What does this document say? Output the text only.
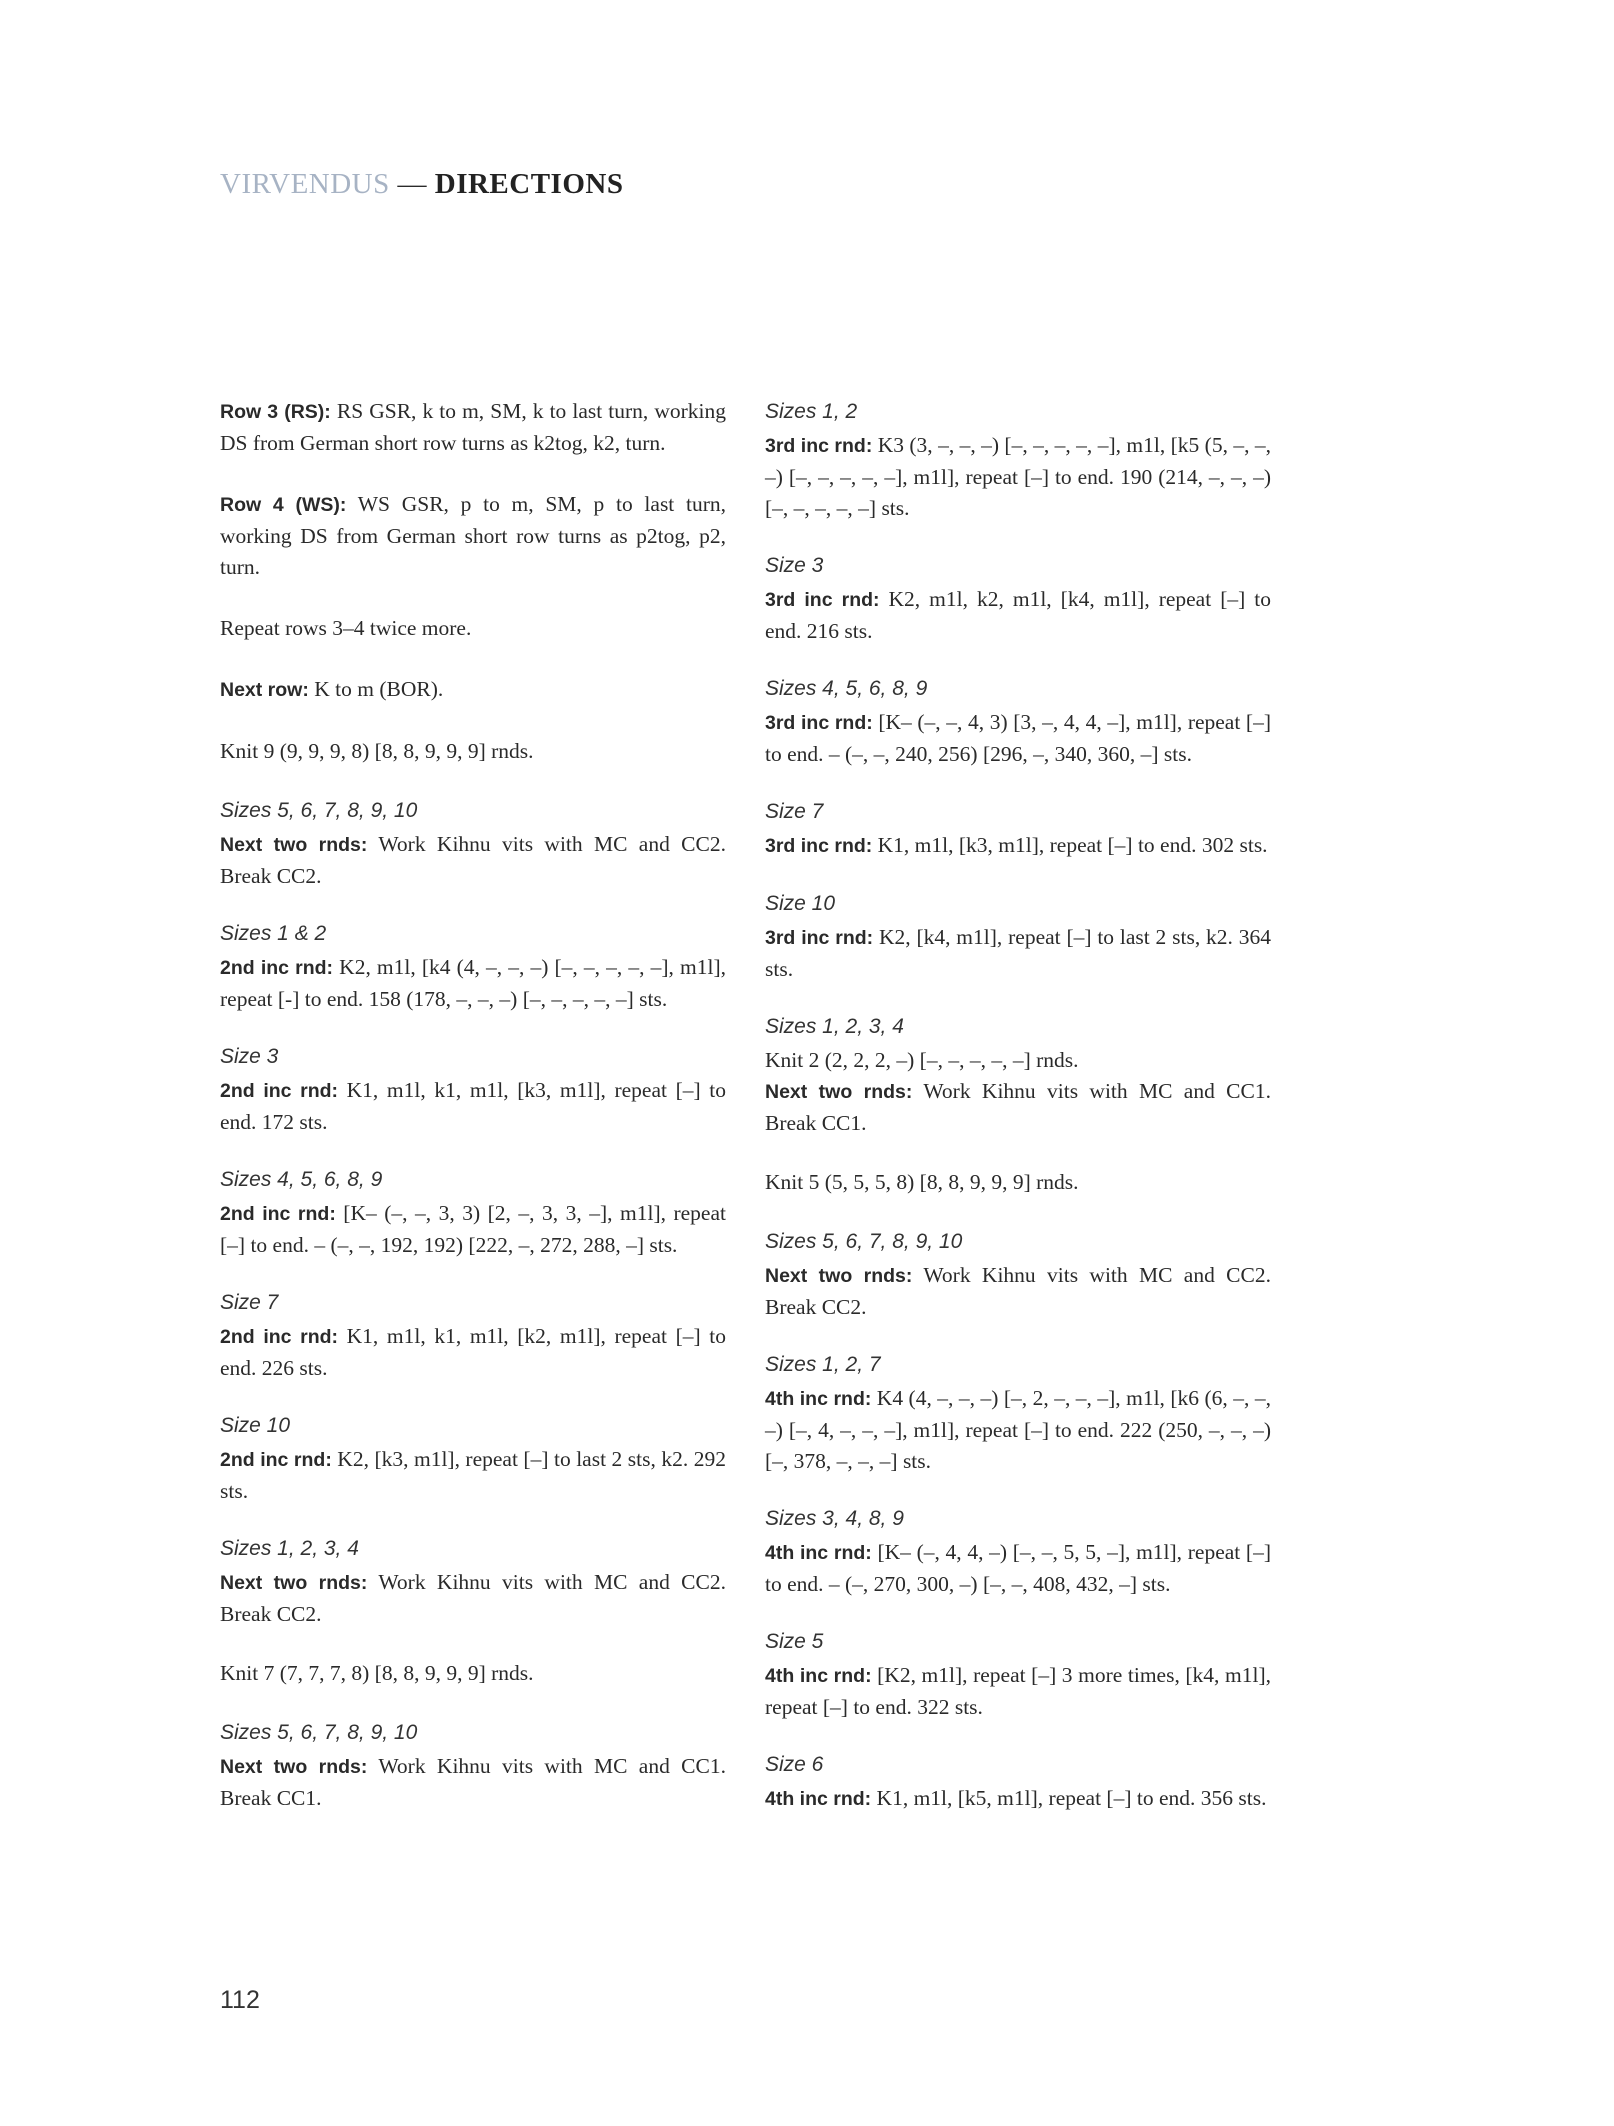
VIRVENDUS — DIRECTIONS

Row 3 (RS): RS GSR, k to m, SM, k to last turn, working DS from German short row turns as k2tog, k2, turn.

Row 4 (WS): WS GSR, p to m, SM, p to last turn, working DS from German short row turns as p2tog, p2, turn.

Repeat rows 3–4 twice more.

Next row: K to m (BOR).

Knit 9 (9, 9, 9, 8) [8, 8, 9, 9, 9] rnds.

Sizes 5, 6, 7, 8, 9, 10

Next two rnds: Work Kihnu vits with MC and CC2. Break CC2.

Sizes 1 & 2

2nd inc rnd: K2, m1l, [k4 (4, –, –, –) [–, –, –, –, –], m1l], repeat [-] to end. 158 (178, –, –, –) [–, –, –, –, –] sts.

Size 3

2nd inc rnd: K1, m1l, k1, m1l, [k3, m1l], repeat [–] to end. 172 sts.

Sizes 4, 5, 6, 8, 9

2nd inc rnd: [K– (–, –, 3, 3) [2, –, 3, 3, –], m1l], repeat [–] to end. – (–, –, 192, 192) [222, –, 272, 288, –] sts.

Size 7

2nd inc rnd: K1, m1l, k1, m1l, [k2, m1l], repeat [–] to end. 226 sts.

Size 10

2nd inc rnd: K2, [k3, m1l], repeat [–] to last 2 sts, k2. 292 sts.

Sizes 1, 2, 3, 4

Next two rnds: Work Kihnu vits with MC and CC2. Break CC2.

Knit 7 (7, 7, 7, 8) [8, 8, 9, 9, 9] rnds.

Sizes 5, 6, 7, 8, 9, 10

Next two rnds: Work Kihnu vits with MC and CC1. Break CC1.

Sizes 1, 2

3rd inc rnd: K3 (3, –, –, –) [–, –, –, –, –], m1l, [k5 (5, –, –, –) [–, –, –, –, –], m1l], repeat [–] to end. 190 (214, –, –, –) [–, –, –, –, –] sts.

Size 3

3rd inc rnd: K2, m1l, k2, m1l, [k4, m1l], repeat [–] to end. 216 sts.

Sizes 4, 5, 6, 8, 9

3rd inc rnd: [K– (–, –, 4, 3) [3, –, 4, 4, –], m1l], repeat [–] to end. – (–, –, 240, 256) [296, –, 340, 360, –] sts.

Size 7

3rd inc rnd: K1, m1l, [k3, m1l], repeat [–] to end. 302 sts.

Size 10

3rd inc rnd: K2, [k4, m1l], repeat [–] to last 2 sts, k2. 364 sts.

Sizes 1, 2, 3, 4

Knit 2 (2, 2, 2, –) [–, –, –, –, –] rnds.

Next two rnds: Work Kihnu vits with MC and CC1. Break CC1.

Knit 5 (5, 5, 5, 8) [8, 8, 9, 9, 9] rnds.

Sizes 5, 6, 7, 8, 9, 10

Next two rnds: Work Kihnu vits with MC and CC2. Break CC2.

Sizes 1, 2, 7

4th inc rnd: K4 (4, –, –, –) [–, 2, –, –, –], m1l, [k6 (6, –, –, –) [–, 4, –, –, –], m1l], repeat [–] to end. 222 (250, –, –, –) [–, 378, –, –, –] sts.

Sizes 3, 4, 8, 9

4th inc rnd: [K– (–, 4, 4, –) [–, –, 5, 5, –], m1l], repeat [–] to end. – (–, 270, 300, –) [–, –, 408, 432, –] sts.

Size 5

4th inc rnd: [K2, m1l], repeat [–] 3 more times, [k4, m1l], repeat [–] to end. 322 sts.

Size 6

4th inc rnd: K1, m1l, [k5, m1l], repeat [–] to end. 356 sts.

112
